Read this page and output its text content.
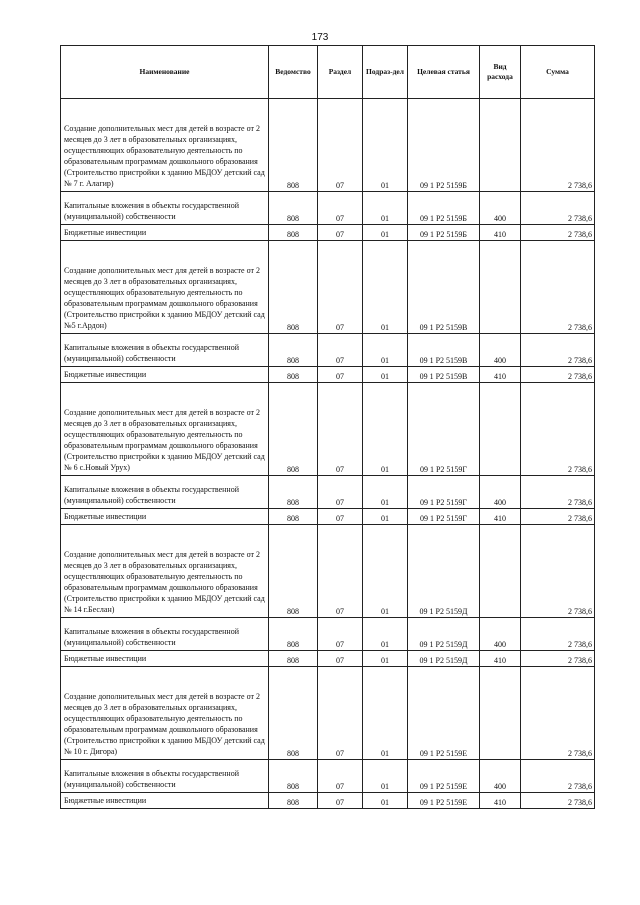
173
Наименование	Ведомство	Раздел	Подраз-дел	Целевая статья	Вид расхода	Сумма
Создание дополнительных мест для детей в возрасте от 2 месяцев до 3 лет в образовательных организациях, осуществляющих образовательную деятельность по образовательным программам дошкольного образования (Строительство пристройки к зданию МБДОУ детский сад № 7 г. Алагир)	808	07	01	09 1 Р2 5159Б		2 738,6
Капитальные вложения в объекты государственной (муниципальной) собственности	808	07	01	09 1 Р2 5159Б	400	2 738,6
Бюджетные инвестиции	808	07	01	09 1 Р2 5159Б	410	2 738,6
Создание дополнительных мест для детей в возрасте от 2 месяцев до 3 лет в образовательных организациях, осуществляющих образовательную деятельность по образовательным программам дошкольного образования (Строительство пристройки к зданию МБДОУ детский сад №5 г.Ардон)	808	07	01	09 1 Р2 5159В		2 738,6
Капитальные вложения в объекты государственной (муниципальной) собственности	808	07	01	09 1 Р2 5159В	400	2 738,6
Бюджетные инвестиции	808	07	01	09 1 Р2 5159В	410	2 738,6
Создание дополнительных мест для детей в возрасте от 2 месяцев до 3 лет в образовательных организациях, осуществляющих образовательную деятельность по образовательным программам дошкольного образования (Строительство пристройки к зданию МБДОУ детский сад № 6 с.Новый Урух)	808	07	01	09 1 Р2 5159Г		2 738,6
Капитальные вложения в объекты государственной (муниципальной) собственности	808	07	01	09 1 Р2 5159Г	400	2 738,6
Бюджетные инвестиции	808	07	01	09 1 Р2 5159Г	410	2 738,6
Создание дополнительных мест для детей в возрасте от 2 месяцев до 3 лет в образовательных организациях, осуществляющих образовательную деятельность по образовательным программам дошкольного образования (Строительство пристройки к зданию МБДОУ детский сад № 14 г.Беслан)	808	07	01	09 1 Р2 5159Д		2 738,6
Капитальные вложения в объекты государственной (муниципальной) собственности	808	07	01	09 1 Р2 5159Д	400	2 738,6
Бюджетные инвестиции	808	07	01	09 1 Р2 5159Д	410	2 738,6
Создание дополнительных мест для детей в возрасте от 2 месяцев до 3 лет в образовательных организациях, осуществляющих образовательную деятельность по образовательным программам дошкольного образования (Строительство пристройки к зданию МБДОУ детский сад № 10 г. Дигора)	808	07	01	09 1 Р2 5159Е		2 738,6
Капитальные вложения в объекты государственной (муниципальной) собственности	808	07	01	09 1 Р2 5159Е	400	2 738,6
Бюджетные инвестиции	808	07	01	09 1 Р2 5159Е	410	2 738,6
